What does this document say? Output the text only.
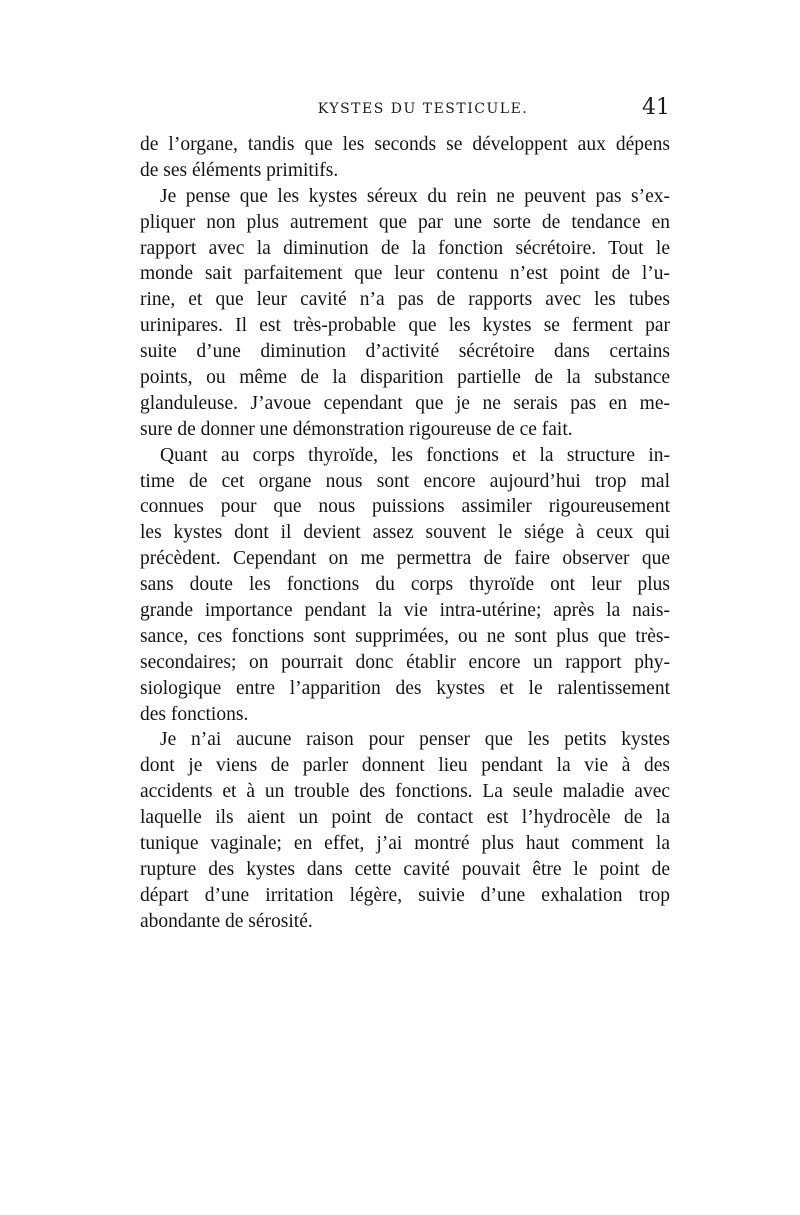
KYSTES DU TESTICULE.	41
de l’organe, tandis que les seconds se développent aux dépens
de ses éléments primitifs.
Je pense que les kystes séreux du rein ne peuvent pas s’ex-
pliquer non plus autrement que par une sorte de tendance en
rapport avec la diminution de la fonction sécrétoire. Tout le
monde sait parfaitement que leur contenu n’est point de l’u-
rine, et que leur cavité n’a pas de rapports avec les tubes
urinipares. Il est très-probable que les kystes se ferment par
suite d’une diminution d’activité sécrétoire dans certains
points, ou même de la disparition partielle de la substance
glanduleuse. J’avoue cependant que je ne serais pas en me-
sure de donner une démonstration rigoureuse de ce fait.
Quant au corps thyroïde, les fonctions et la structure in-
time de cet organe nous sont encore aujourd’hui trop mal
connues pour que nous puissions assimiler rigoureusement
les kystes dont il devient assez souvent le siége à ceux qui
précèdent. Cependant on me permettra de faire observer que
sans doute les fonctions du corps thyroïde ont leur plus
grande importance pendant la vie intra-utérine; après la nais-
sance, ces fonctions sont supprimées, ou ne sont plus que très-
secondaires; on pourrait donc établir encore un rapport phy-
siologique entre l’apparition des kystes et le ralentissement
des fonctions.
Je n’ai aucune raison pour penser que les petits kystes
dont je viens de parler donnent lieu pendant la vie à des
accidents et à un trouble des fonctions. La seule maladie avec
laquelle ils aient un point de contact est l’hydrocèle de la
tunique vaginale; en effet, j’ai montré plus haut comment la
rupture des kystes dans cette cavité pouvait être le point de
départ d’une irritation légère, suivie d’une exhalation trop
abondante de sérosité.
